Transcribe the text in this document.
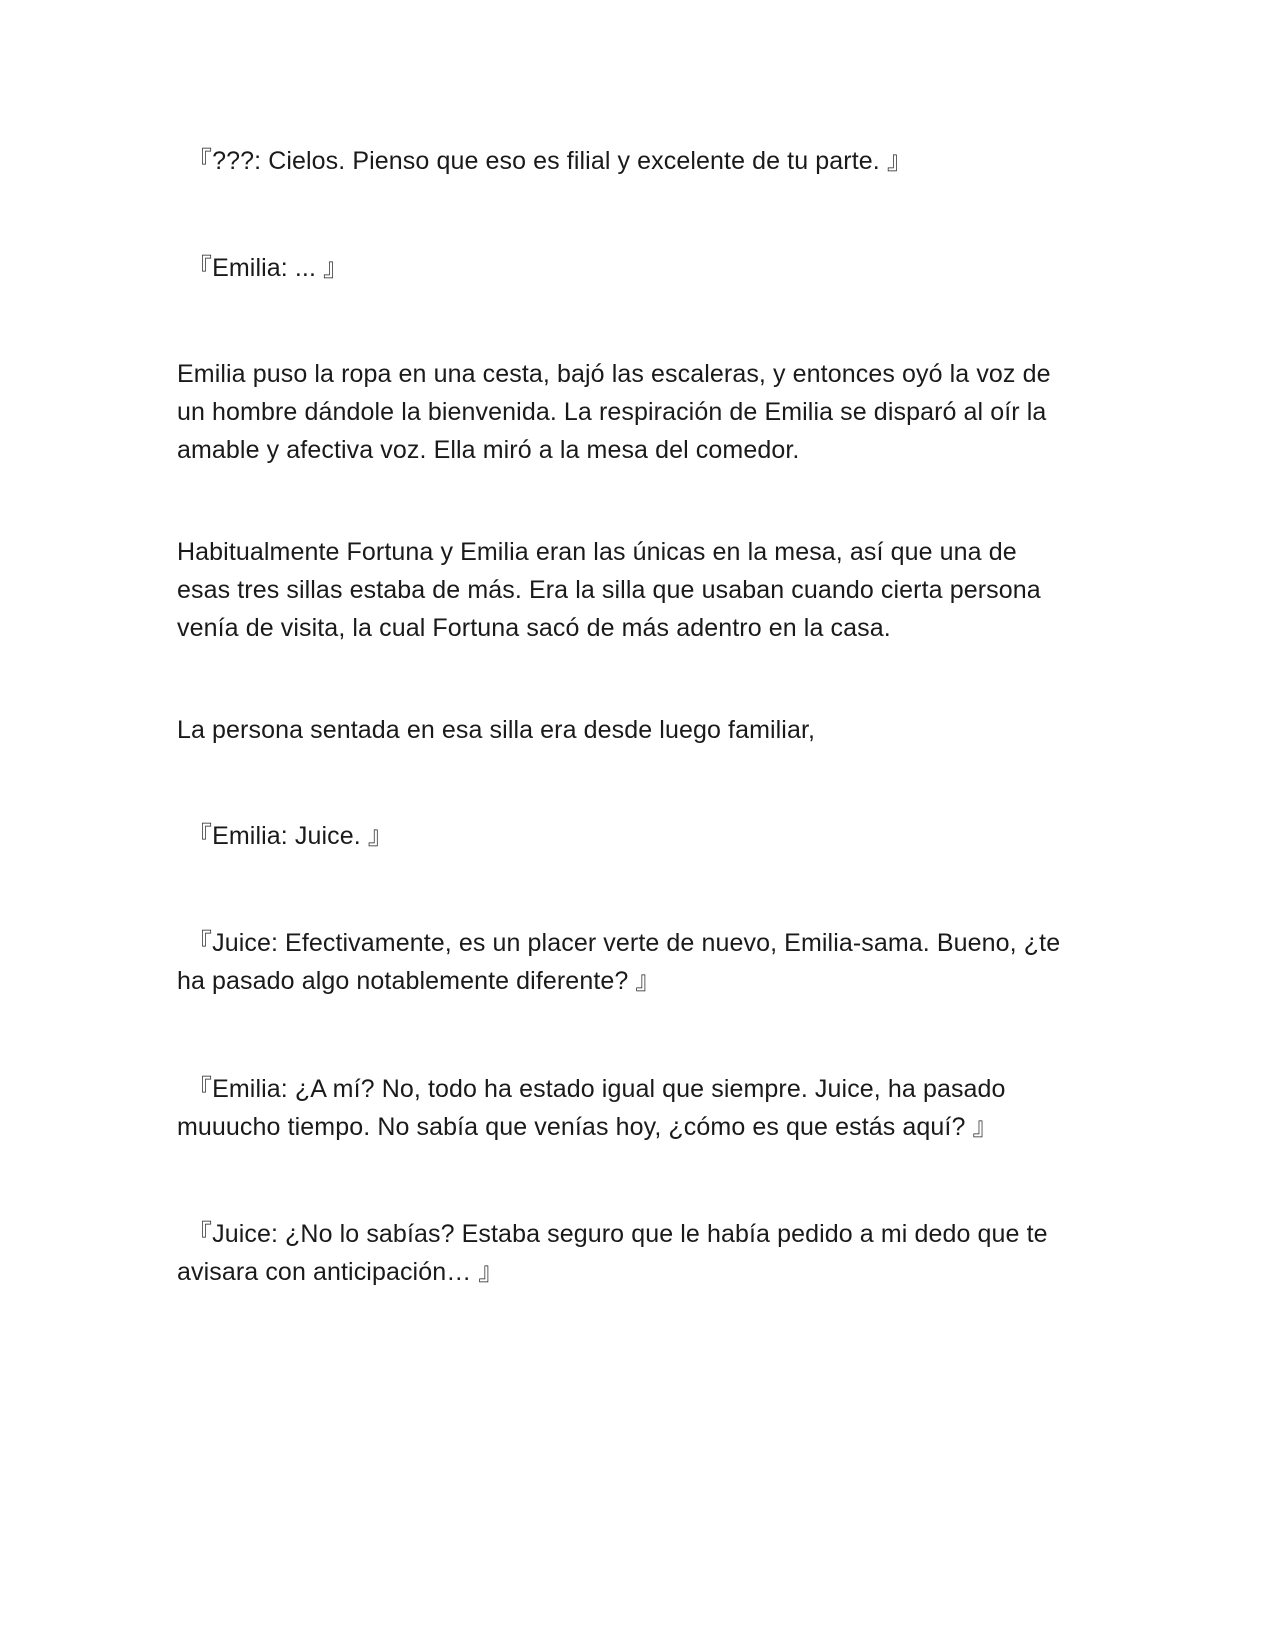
『???: Cielos. Pienso que eso es filial y excelente de tu parte. 』

『Emilia: ... 』

Emilia puso la ropa en una cesta, bajó las escaleras, y entonces oyó la voz de
un hombre dándole la bienvenida. La respiración de Emilia se disparó al oír la
amable y afectiva voz. Ella miró a la mesa del comedor.

Habitualmente Fortuna y Emilia eran las únicas en la mesa, así que una de
esas tres sillas estaba de más. Era la silla que usaban cuando cierta persona
venía de visita, la cual Fortuna sacó de más adentro en la casa.

La persona sentada en esa silla era desde luego familiar,

『Emilia: Juice. 』

『Juice: Efectivamente, es un placer verte de nuevo, Emilia-sama. Bueno, ¿te
ha pasado algo notablemente diferente? 』

『Emilia: ¿A mí? No, todo ha estado igual que siempre. Juice, ha pasado
muuucho tiempo. No sabía que venías hoy, ¿cómo es que estás aquí? 』

『Juice: ¿No lo sabías? Estaba seguro que le había pedido a mi dedo que te
avisara con anticipación… 』
